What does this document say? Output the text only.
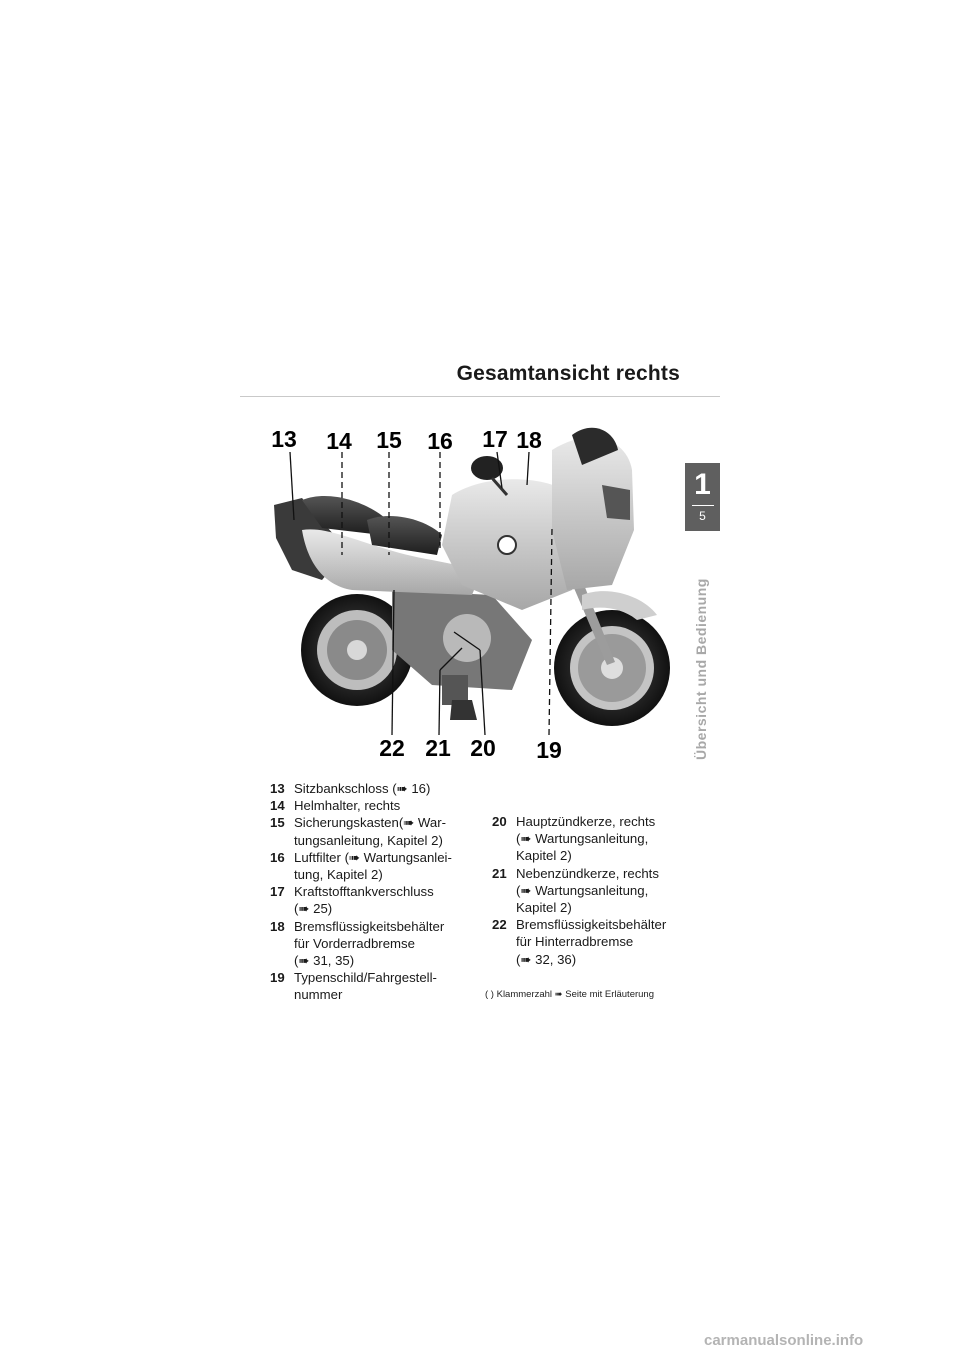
Gesamtansicht rechts
1
5
Übersicht und Bedienung
13 14 15 16 17 18
19
20
21
22
13 Sitzbankschloss (➠ 16)
14 Helmhalter, rechts
15 Sicherungskasten(➠ War-
tungsanleitung, Kapitel 2)
16 Luftfilter (➠ Wartungsanlei-
tung, Kapitel 2)
17 Kraftstofftankverschluss
(➠ 25)
18 Bremsflüssigkeitsbehälter
für Vorderradbremse
(➠ 31, 35)
19 Typenschild/Fahrgestell-
nummer
20 Hauptzündkerze, rechts
(➠ Wartungsanleitung,
Kapitel 2)
21 Nebenzündkerze, rechts
(➠ Wartungsanleitung,
Kapitel 2)
22 Bremsflüssigkeitsbehälter
für Hinterradbremse
(➠ 32, 36)
( ) Klammerzahl ➠ Seite mit Erläuterung
carmanualsonline.info
